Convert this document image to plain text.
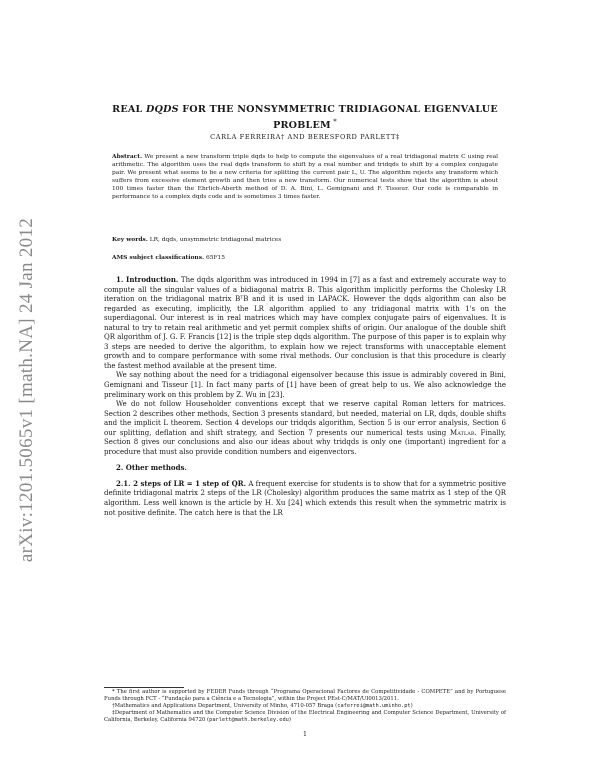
arXiv:1201.5065v1 [math.NA] 24 Jan 2012
REAL DQDS FOR THE NONSYMMETRIC TRIDIAGONAL EIGENVALUE PROBLEM *
CARLA FERREIRA† AND BERESFORD PARLETT‡
Abstract. We present a new transform triple dqds to help to compute the eigenvalues of a real tridiagonal matrix C using real arithmetic. The algorithm uses the real dqds transform to shift by a real number and tridqds to shift by a complex conjugate pair. We present what seems to be a new criteria for splitting the current pair L, U. The algorithm rejects any transform which suffers from excessive element growth and then tries a new transform. Our numerical tests show that the algorithm is about 100 times faster than the Ehrlich-Aberth method of D. A. Bini, L. Gemignani and F. Tisseur. Our code is comparable in performance to a complex dqds code and is sometimes 3 times faster.
Key words. LR, dqds, unsymmetric tridiagonal matrices
AMS subject classifications. 65F15

1. Introduction. The dqds algorithm was introduced in 1994 in [7] as a fast and extremely accurate way to compute all the singular values of a bidiagonal matrix B. This algorithm implicitly performs the Cholesky LR iteration on the tridiagonal matrix BᵀB and it is used in LAPACK. However the dqds algorithm can also be regarded as executing, implicitly, the LR algorithm applied to any tridiagonal matrix with 1's on the superdiagonal. Our interest is in real matrices which may have complex conjugate pairs of eigenvalues. It is natural to try to retain real arithmetic and yet permit complex shifts of origin. Our analogue of the double shift QR algorithm of J. G. F. Francis [12] is the triple step dqds algorithm. The purpose of this paper is to explain why 3 steps are needed to derive the algorithm, to explain how we reject transforms with unacceptable element growth and to compare performance with some rival methods. Our conclusion is that this procedure is clearly the fastest method available at the present time.

We say nothing about the need for a tridiagonal eigensolver because this issue is admirably covered in Bini, Gemignani and Tisseur [1]. In fact many parts of [1] have been of great help to us. We also acknowledge the preliminary work on this problem by Z. Wu in [23].

We do not follow Householder conventions except that we reserve capital Roman letters for matrices. Section 2 describes other methods, Section 3 presents standard, but needed, material on LR, dqds, double shifts and the implicit L theorem. Section 4 develops our tridqds algorithm, Section 5 is our error analysis, Section 6 our splitting, deflation and shift strategy, and Section 7 presents our numerical tests using Matlab. Finally, Section 8 gives our conclusions and also our ideas about why tridqds is only one (important) ingredient for a procedure that must also provide condition numbers and eigenvectors.

2. Other methods.

2.1. 2 steps of LR = 1 step of QR. A frequent exercise for students is to show that for a symmetric positive definite tridiagonal matrix 2 steps of the LR (Cholesky) algorithm produces the same matrix as 1 step of the QR algorithm. Less well known is the article by H. Xu [24] which extends this result when the symmetric matrix is not positive definite. The catch here is that the LR

* The first author is supported by FEDER Funds through “Programa Operacional Factores de Competitividade - COMPETE” and by Portuguese Funds through FCT - “Fundação para a Ciência e a Tecnologia”, within the Project PEst-C/MAT/UI0013/2011.

†Mathematics and Applications Department, University of Minho, 4710-057 Braga (caferrei@math.uminho.pt)

‡Department of Mathematics and the Computer Science Division of the Electrical Engineering and Computer Science Department, University of California, Berkeley, California 94720 (parlett@math.berkeley.edu)

1
